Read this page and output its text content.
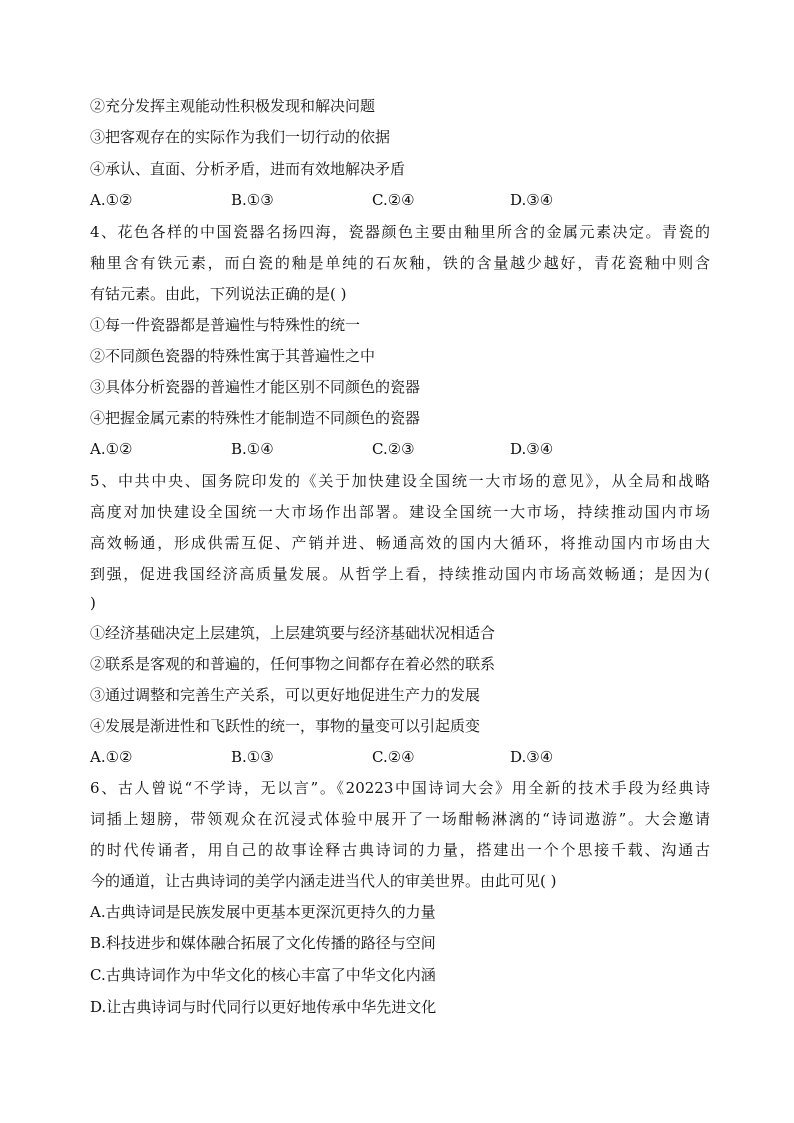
②充分发挥主观能动性积极发现和解决问题
③把客观存在的实际作为我们一切行动的依据
④承认、直面、分析矛盾，进而有效地解决矛盾
A.①②	B.①③	C.②④	D.③④
4、花色各样的中国瓷器名扬四海，瓷器颜色主要由釉里所含的金属元素决定。青瓷的
釉里含有铁元素，而白瓷的釉是单纯的石灰釉，铁的含量越少越好，青花瓷釉中则含
有钴元素。由此，下列说法正确的是( )
①每一件瓷器都是普遍性与特殊性的统一
②不同颜色瓷器的特殊性寓于其普遍性之中
③具体分析瓷器的普遍性才能区别不同颜色的瓷器
④把握金属元素的特殊性才能制造不同颜色的瓷器
A.①②	B.①④	C.②③	D.③④
5、中共中央、国务院印发的《关于加快建设全国统一大市场的意见》，从全局和战略
高度对加快建设全国统一大市场作出部署。建设全国统一大市场，持续推动国内市场
高效畅通，形成供需互促、产销并进、畅通高效的国内大循环，将推动国内市场由大
到强，促进我国经济高质量发展。从哲学上看，持续推动国内市场高效畅通；是因为(
)
①经济基础决定上层建筑，上层建筑要与经济基础状况相适合
②联系是客观的和普遍的，任何事物之间都存在着必然的联系
③通过调整和完善生产关系，可以更好地促进生产力的发展
④发展是渐进性和飞跃性的统一，事物的量变可以引起质变
A.①②	B.①③	C.②④	D.③④
6、古人曾说“不学诗，无以言”。《20223中国诗词大会》用全新的技术手段为经典诗
词插上翅膀，带领观众在沉浸式体验中展开了一场酣畅淋漓的“诗词遨游”。大会邀请
的时代传诵者，用自己的故事诠释古典诗词的力量，搭建出一个个思接千载、沟通古
今的通道，让古典诗词的美学内涵走进当代人的审美世界。由此可见( )
A.古典诗词是民族发展中更基本更深沉更持久的力量
B.科技进步和媒体融合拓展了文化传播的路径与空间
C.古典诗词作为中华文化的核心丰富了中华文化内涵
D.让古典诗词与时代同行以更好地传承中华先进文化
